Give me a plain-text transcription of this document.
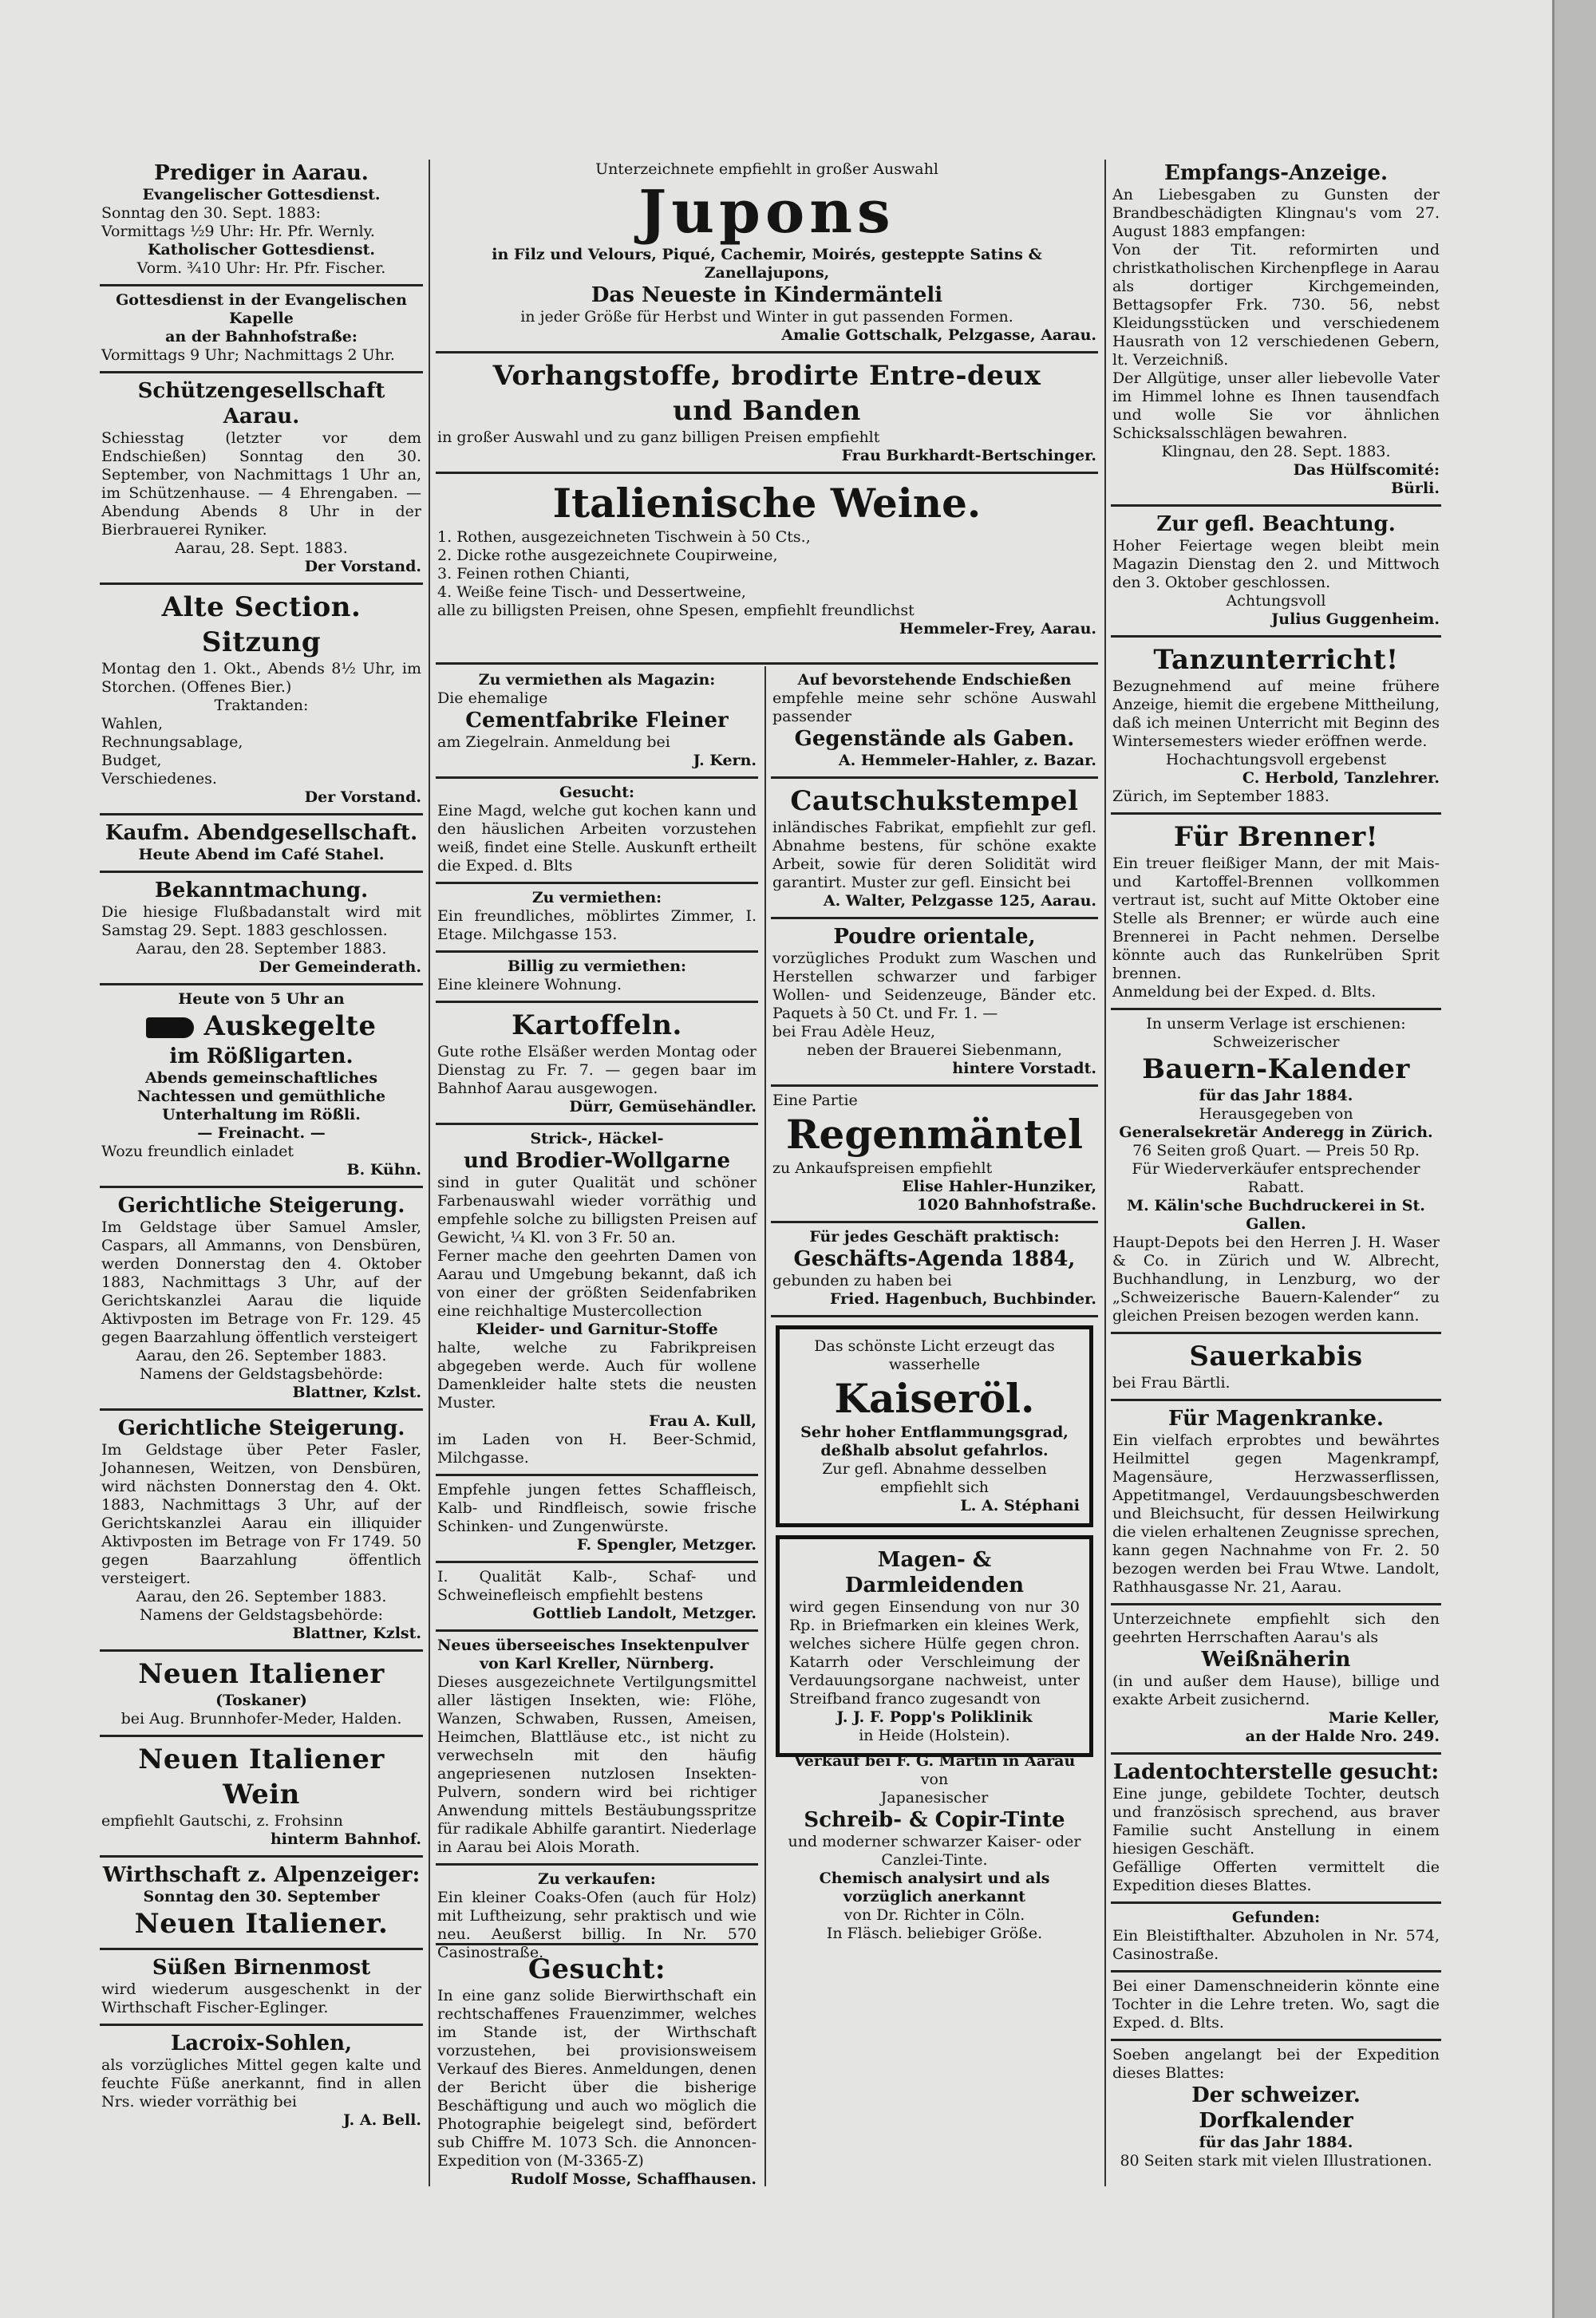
Prediger in Aarau.
Evangelischer Gottesdienst.
Sonntag den 30. Sept. 1883:
Vormittags ½9 Uhr: Hr. Pfr. Wernly.
Katholischer Gottesdienst.
Vorm. ¾10 Uhr: Hr. Pfr. Fischer.
Gottesdienst in der Evangelischen Kapelle
an der Bahnhofstraße:
Vormittags 9 Uhr; Nachmittags 2 Uhr.
Schützengesellschaft Aarau.
Schiesstag (letzter vor dem Endschießen) Sonntag den 30. September, von Nachmittags 1 Uhr an, im Schützenhause. — 4 Ehrengaben. — Abendung Abends 8 Uhr in der Bierbrauerei Ryniker.
Aarau, 28. Sept. 1883.
Der Vorstand.
Alte Section.
Sitzung
Montag den 1. Okt., Abends 8½ Uhr, im Storchen. (Offenes Bier.)
Traktanden:
Wahlen,
Rechnungsablage,
Budget,
Verschiedenes.
Der Vorstand.
Kaufm. Abendgesellschaft.
Heute Abend im Café Stahel.
Bekanntmachung.
Die hiesige Flußbadanstalt wird mit Samstag 29. Sept. 1883 geschlossen.
Aarau, den 28. September 1883.
Der Gemeinderath.
Heute von 5 Uhr an
Auskegelte
im Rößligarten.
Abends gemeinschaftliches Nachtessen und gemüthliche Unterhaltung im Rößli.
— Freinacht. —
Wozu freundlich einladet
B. Kühn.
Gerichtliche Steigerung.
Im Geldstage über Samuel Amsler, Caspars, all Ammanns, von Densbüren, werden Donnerstag den 4. Oktober 1883, Nachmittags 3 Uhr, auf der Gerichtskanzlei Aarau die liquide Aktivposten im Betrage von Fr. 129. 45 gegen Baarzahlung öffentlich versteigert
Aarau, den 26. September 1883.
Namens der Geldstagsbehörde:
Blattner, Kzlst.
Gerichtliche Steigerung.
Im Geldstage über Peter Fasler, Johannesen, Weitzen, von Densbüren, wird nächsten Donnerstag den 4. Okt. 1883, Nachmittags 3 Uhr, auf der Gerichtskanzlei Aarau ein illiquider Aktivposten im Betrage von Fr 1749. 50 gegen Baarzahlung öffentlich versteigert.
Aarau, den 26. September 1883.
Namens der Geldstagsbehörde:
Blattner, Kzlst.
Neuen Italiener
(Toskaner)
bei Aug. Brunnhofer-Meder, Halden.
Neuen Italiener Wein
empfiehlt Gautschi, z. Frohsinn
hinterm Bahnhof.
Wirthschaft z. Alpenzeiger:
Sonntag den 30. September
Neuen Italiener.
Süßen Birnenmost
wird wiederum ausgeschenkt in der Wirthschaft Fischer-Eglinger.
Lacroix-Sohlen,
als vorzügliches Mittel gegen kalte und feuchte Füße anerkannt, find in allen Nrs. wieder vorräthig bei
J. A. Bell.
Unterzeichnete empfiehlt in großer Auswahl
Jupons
in Filz und Velours, Piqué, Cachemir, Moirés, gesteppte Satins & Zanellajupons,
Das Neueste in Kindermänteli
in jeder Größe für Herbst und Winter in gut passenden Formen.
Amalie Gottschalk, Pelzgasse, Aarau.
Vorhangstoffe, brodirte Entre-deux
und Banden
in großer Auswahl und zu ganz billigen Preisen empfiehlt
Frau Burkhardt-Bertschinger.
Italienische Weine.
1. Rothen, ausgezeichneten Tischwein à 50 Cts.,
2. Dicke rothe ausgezeichnete Coupirweine,
3. Feinen rothen Chianti,
4. Weiße feine Tisch- und Dessertweine,
alle zu billigsten Preisen, ohne Spesen, empfiehlt freundlichst
Hemmeler-Frey, Aarau.
Zu vermiethen als Magazin:
Die ehemalige
Cementfabrike Fleiner
am Ziegelrain. Anmeldung bei
J. Kern.
Gesucht:
Eine Magd, welche gut kochen kann und den häuslichen Arbeiten vorzustehen weiß, findet eine Stelle. Auskunft ertheilt die Exped. d. Blts
Zu vermiethen:
Ein freundliches, möblirtes Zimmer, I. Etage. Milchgasse 153.
Billig zu vermiethen:
Eine kleinere Wohnung.
Kartoffeln.
Gute rothe Elsäßer werden Montag oder Dienstag zu Fr. 7. — gegen baar im Bahnhof Aarau ausgewogen.
Dürr, Gemüsehändler.
Strick-, Häckel-
und Brodier-Wollgarne
sind in guter Qualität und schöner Farbenauswahl wieder vorräthig und empfehle solche zu billigsten Preisen auf Gewicht, ¼ Kl. von 3 Fr. 50 an.
Ferner mache den geehrten Damen von Aarau und Umgebung bekannt, daß ich von einer der größten Seidenfabriken eine reichhaltige Mustercollection
Kleider- und Garnitur-Stoffe
halte, welche zu Fabrikpreisen abgegeben werde. Auch für wollene Damenkleider halte stets die neusten Muster.
Frau A. Kull,
im Laden von H. Beer-Schmid, Milchgasse.
Empfehle jungen fettes Schaffleisch, Kalb- und Rindfleisch, sowie frische Schinken- und Zungenwürste.
F. Spengler, Metzger.
I. Qualität Kalb-, Schaf- und Schweinefleisch empfiehlt bestens
Gottlieb Landolt, Metzger.
Neues überseeisches Insektenpulver
von Karl Kreller, Nürnberg.
Dieses ausgezeichnete Vertilgungsmittel aller lästigen Insekten, wie: Flöhe, Wanzen, Schwaben, Russen, Ameisen, Heimchen, Blattläuse etc., ist nicht zu verwechseln mit den häufig angepriesenen nutzlosen Insekten-Pulvern, sondern wird bei richtiger Anwendung mittels Bestäubungsspritze für radikale Abhilfe garantirt. Niederlage in Aarau bei Alois Morath.
Zu verkaufen:
Ein kleiner Coaks-Ofen (auch für Holz) mit Luftheizung, sehr praktisch und wie neu. Aeußerst billig. In Nr. 570 Casinostraße.
Auf bevorstehende Endschießen
empfehle meine sehr schöne Auswahl passender
Gegenstände als Gaben.
A. Hemmeler-Hahler, z. Bazar.
Cautschukstempel
inländisches Fabrikat, empfiehlt zur gefl. Abnahme bestens, für schöne exakte Arbeit, sowie für deren Solidität wird garantirt. Muster zur gefl. Einsicht bei
A. Walter, Pelzgasse 125, Aarau.
Poudre orientale,
vorzügliches Produkt zum Waschen und Herstellen schwarzer und farbiger Wollen- und Seidenzeuge, Bänder etc. Paquets à 50 Ct. und Fr. 1. —
bei Frau Adèle Heuz,
neben der Brauerei Siebenmann,
hintere Vorstadt.
Eine Partie
Regenmäntel
zu Ankaufspreisen empfiehlt
Elise Hahler-Hunziker,
1020 Bahnhofstraße.
Für jedes Geschäft praktisch:
Geschäfts-Agenda 1884,
gebunden zu haben bei
Fried. Hagenbuch, Buchbinder.
Das schönste Licht erzeugt das wasserhelle
Kaiseröl.
Sehr hoher Entflammungsgrad, deßhalb absolut gefahrlos.
Zur gefl. Abnahme desselben empfiehlt sich
L. A. Stéphani
Magen- & Darmleidenden
wird gegen Einsendung von nur 30 Rp. in Briefmarken ein kleines Werk, welches sichere Hülfe gegen chron. Katarrh oder Verschleimung der Verdauungsorgane nachweist, unter Streifband franco zugesandt von
J. J. F. Popp's Poliklinik
in Heide (Holstein).
Gesucht:
In eine ganz solide Bierwirthschaft ein rechtschaffenes Frauenzimmer, welches im Stande ist, der Wirthschaft vorzustehen, bei provisionsweisem Verkauf des Bieres. Anmeldungen, denen der Bericht über die bisherige Beschäftigung und auch wo möglich die Photographie beigelegt sind, befördert sub Chiffre M. 1073 Sch. die Annoncen-Expedition von (M-3365-Z)
Rudolf Mosse, Schaffhausen.
Verkauf bei F. G. Martin in Aarau
von
Japanesischer
Schreib- & Copir-Tinte
und moderner schwarzer Kaiser- oder Canzlei-Tinte.
Chemisch analysirt und als vorzüglich anerkannt
von Dr. Richter in Cöln.
In Fläsch. beliebiger Größe.
Empfangs-Anzeige.
An Liebesgaben zu Gunsten der Brandbeschädigten Klingnau's vom 27. August 1883 empfangen:
Von der Tit. reformirten und christkatholischen Kirchenpflege in Aarau als dortiger Kirchgemeinden, Bettagsopfer Frk. 730. 56, nebst Kleidungsstücken und verschiedenem Hausrath von 12 verschiedenen Gebern, lt. Verzeichniß.
Der Allgütige, unser aller liebevolle Vater im Himmel lohne es Ihnen tausendfach und wolle Sie vor ähnlichen Schicksalsschlägen bewahren.
Klingnau, den 28. Sept. 1883.
Das Hülfscomité:
Bürli.
Zur gefl. Beachtung.
Hoher Feiertage wegen bleibt mein Magazin Dienstag den 2. und Mittwoch den 3. Oktober geschlossen.
Achtungsvoll
Julius Guggenheim.
Tanzunterricht!
Bezugnehmend auf meine frühere Anzeige, hiemit die ergebene Mittheilung, daß ich meinen Unterricht mit Beginn des Wintersemesters wieder eröffnen werde.
Hochachtungsvoll ergebenst
C. Herbold, Tanzlehrer.
Zürich, im September 1883.
Für Brenner!
Ein treuer fleißiger Mann, der mit Mais- und Kartoffel-Brennen vollkommen vertraut ist, sucht auf Mitte Oktober eine Stelle als Brenner; er würde auch eine Brennerei in Pacht nehmen. Derselbe könnte auch das Runkelrüben Sprit brennen.
Anmeldung bei der Exped. d. Blts.
In unserm Verlage ist erschienen:
Schweizerischer
Bauern-Kalender
für das Jahr 1884.
Herausgegeben von
Generalsekretär Anderegg in Zürich.
76 Seiten groß Quart. — Preis 50 Rp.
Für Wiederverkäufer entsprechender Rabatt.
M. Kälin'sche Buchdruckerei in St. Gallen.
Haupt-Depots bei den Herren J. H. Waser & Co. in Zürich und W. Albrecht, Buchhandlung, in Lenzburg, wo der „Schweizerische Bauern-Kalender“ zu gleichen Preisen bezogen werden kann.
Sauerkabis
bei Frau Bärtli.
Für Magenkranke.
Ein vielfach erprobtes und bewährtes Heilmittel gegen Magenkrampf, Magensäure, Herzwasserflissen, Appetitmangel, Verdauungsbeschwerden und Bleichsucht, für dessen Heilwirkung die vielen erhaltenen Zeugnisse sprechen, kann gegen Nachnahme von Fr. 2. 50 bezogen werden bei Frau Wtwe. Landolt, Rathhausgasse Nr. 21, Aarau.
Unterzeichnete empfiehlt sich den geehrten Herrschaften Aarau's als
Weißnäherin
(in und außer dem Hause), billige und exakte Arbeit zusichernd.
Marie Keller,
an der Halde Nro. 249.
Ladentochterstelle gesucht:
Eine junge, gebildete Tochter, deutsch und französisch sprechend, aus braver Familie sucht Anstellung in einem hiesigen Geschäft.
Gefällige Offerten vermittelt die Expedition dieses Blattes.
Gefunden:
Ein Bleistifthalter. Abzuholen in Nr. 574, Casinostraße.
Bei einer Damenschneiderin könnte eine Tochter in die Lehre treten. Wo, sagt die Exped. d. Blts.
Soeben angelangt bei der Expedition dieses Blattes:
Der schweizer. Dorfkalender
für das Jahr 1884.
80 Seiten stark mit vielen Illustrationen.
